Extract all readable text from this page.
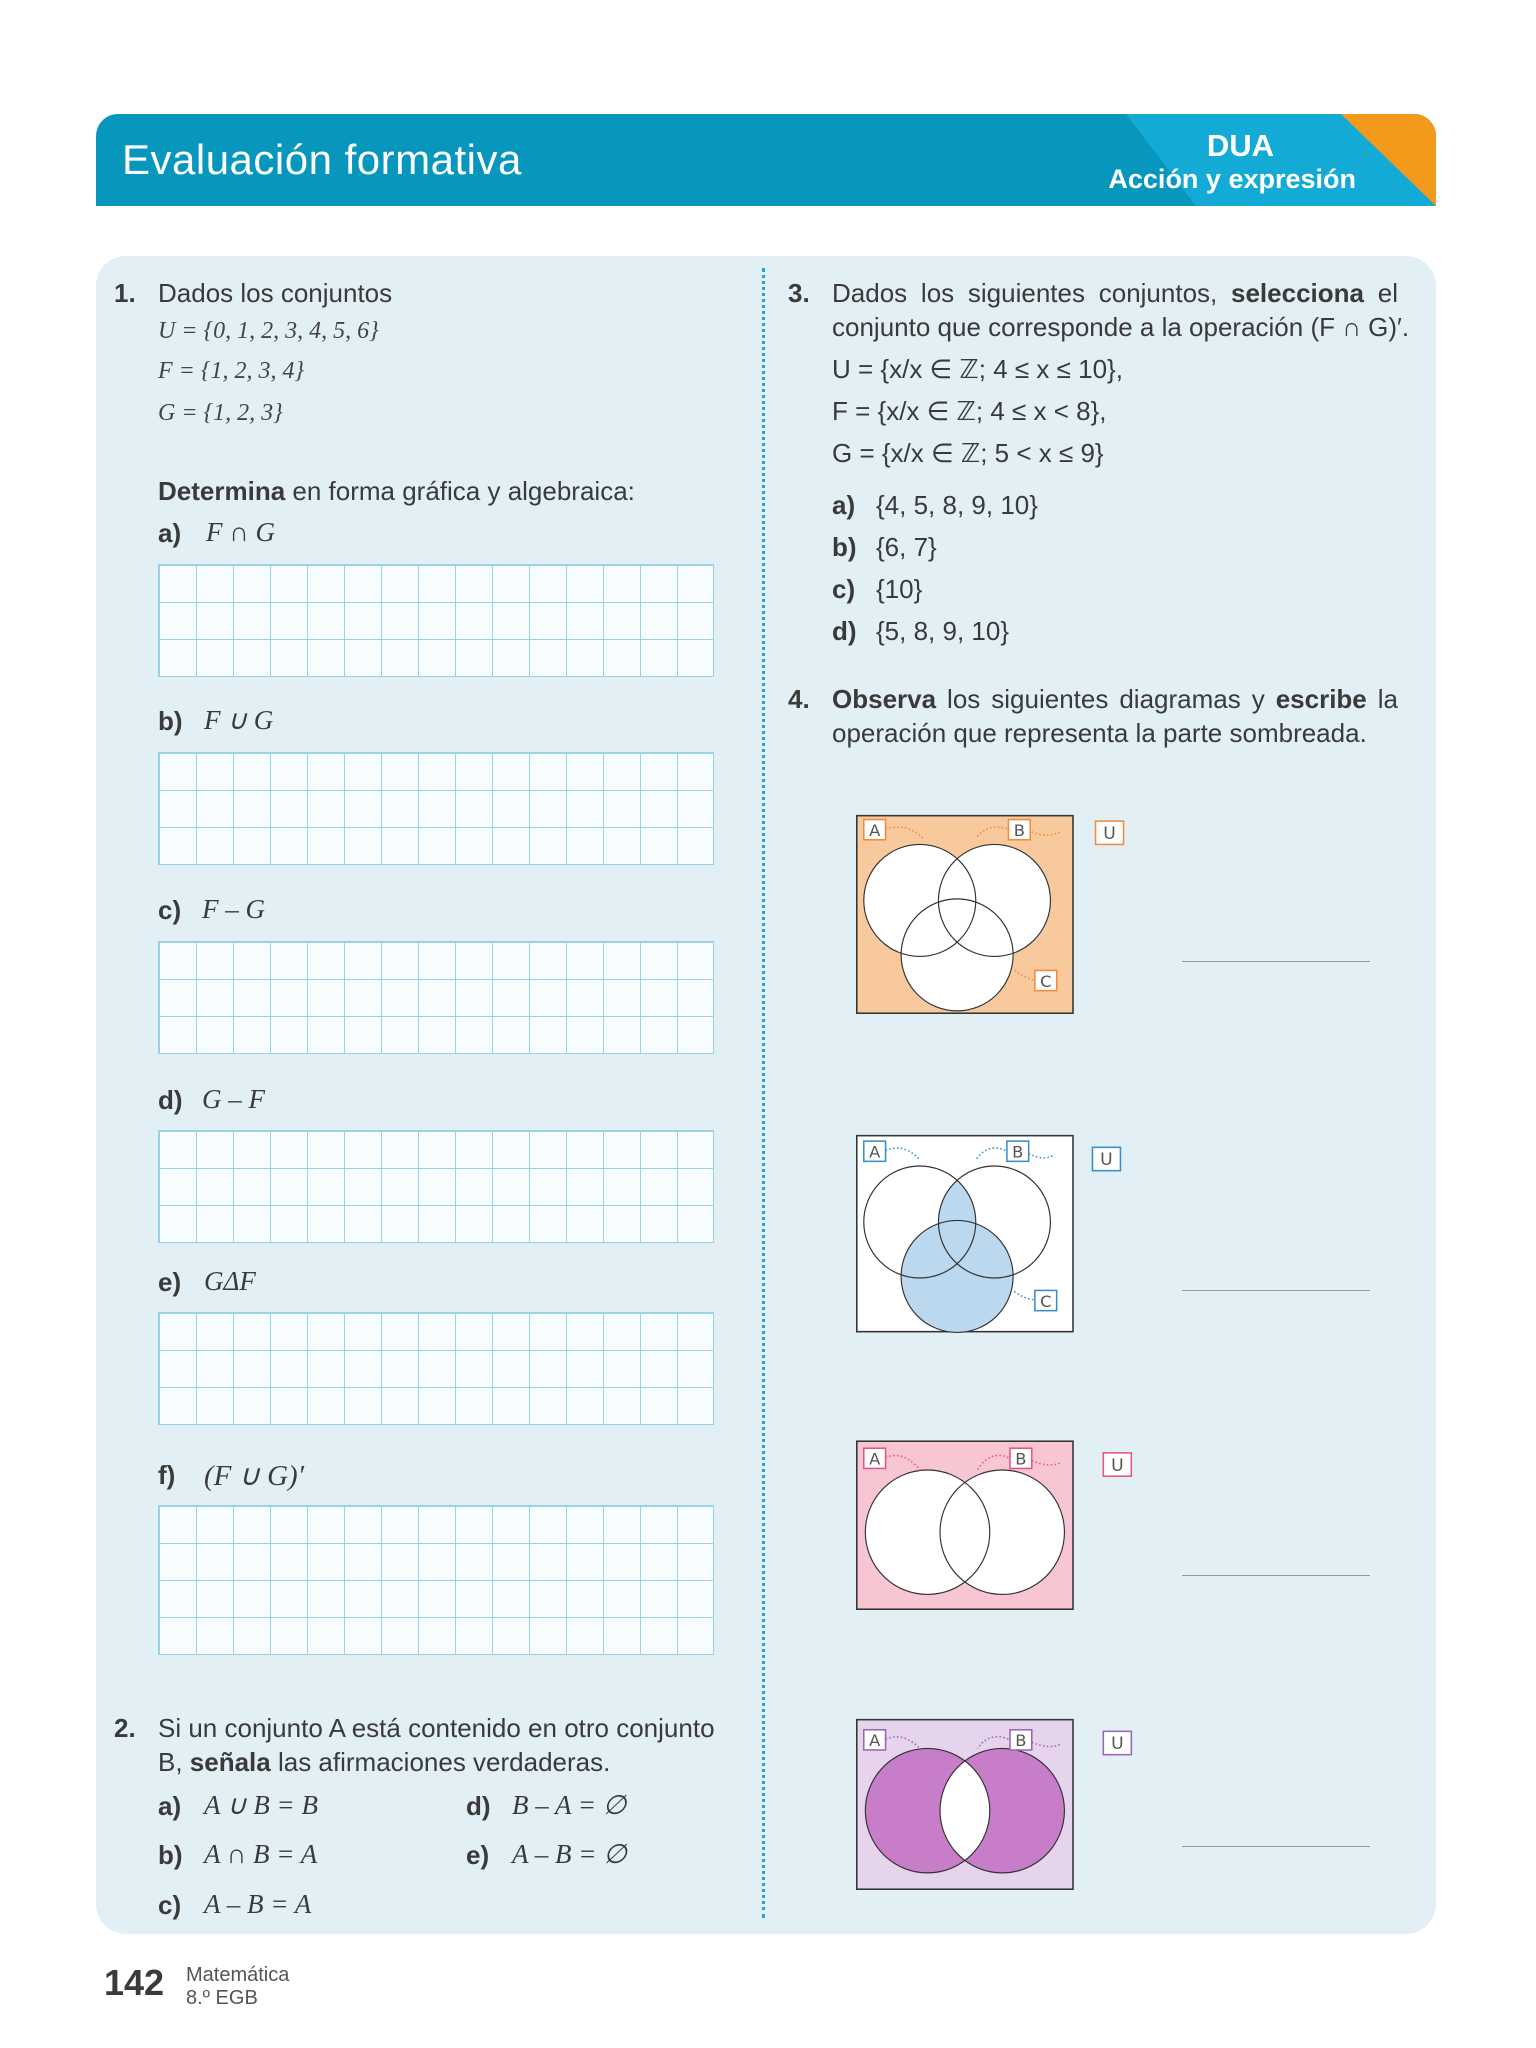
Evaluación formativa	DUA
Acción y expresión
1. Dados los conjuntos
U = {0, 1, 2, 3, 4, 5, 6}
F = {1, 2, 3, 4}
G = {1, 2, 3}
Determina en forma gráfica y algebraica:
a) F ∩ G
b) F ∪ G
c) F – G
d) G – F
e) GΔF
f) (F ∪ G)′
2. Si un conjunto A está contenido en otro conjunto
B, señala las afirmaciones verdaderas.
a) A ∪ B = B	d) B – A = ∅
b) A ∩ B = A	e) A – B = ∅
c) A – B = A
3. Dados los siguientes conjuntos, selecciona el
conjunto que corresponde a la operación (F ∩ G)′.
U = {x/x ∈ ℤ; 4 ≤ x ≤ 10},
F = {x/x ∈ ℤ; 4 ≤ x < 8},
G = {x/x ∈ ℤ; 5 < x ≤ 9}
a) {4, 5, 8, 9, 10}
b) {6, 7}
c) {10}
d) {5, 8, 9, 10}
4. Observa los siguientes diagramas y escribe la
operación que representa la parte sombreada.
A	B
C
U
A	B
C
U
A	B	U
A	B	U
142 Matemática
8.º EGB
